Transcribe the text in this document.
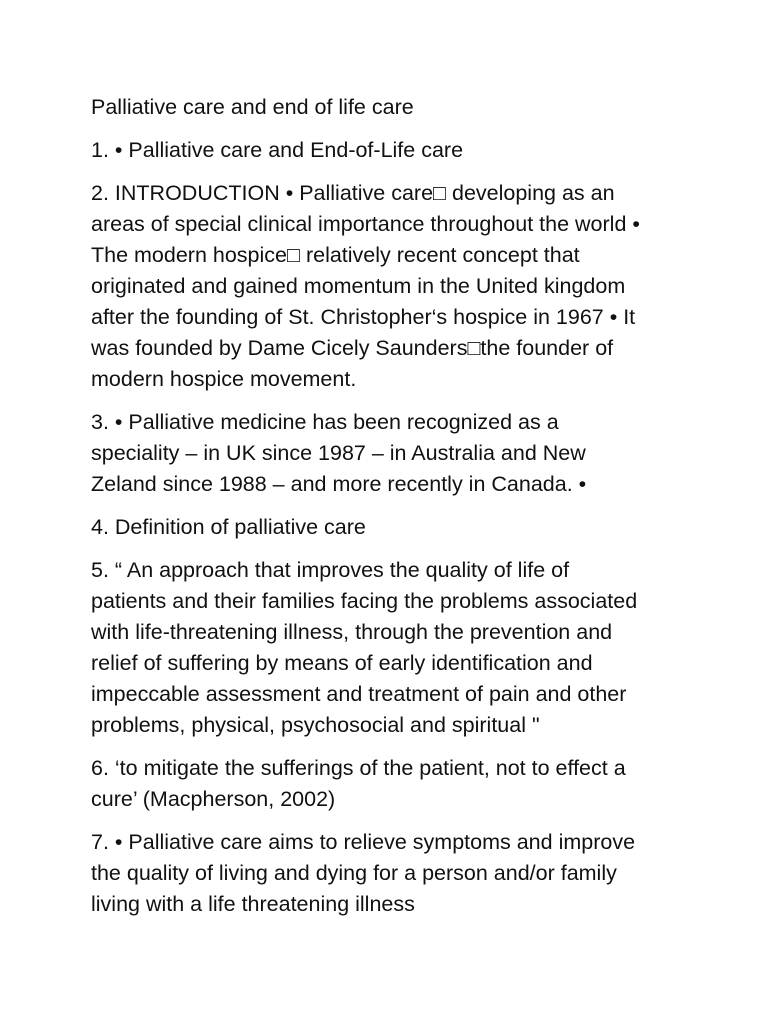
Palliative care and end of life care

1. • Palliative care and End-of-Life care

2. INTRODUCTION • Palliative care□ developing as an
areas of special clinical importance throughout the world •
The modern hospice□ relatively recent concept that
originated and gained momentum in the United kingdom
after the founding of St. Christopher‘s hospice in 1967 • It
was founded by Dame Cicely Saunders□the founder of
modern hospice movement.

3. • Palliative medicine has been recognized as a
speciality – in UK since 1987 – in Australia and New
Zeland since 1988 – and more recently in Canada. •

4. Definition of palliative care

5. “ An approach that improves the quality of life of
patients and their families facing the problems associated
with life-threatening illness, through the prevention and
relief of suffering by means of early identification and
impeccable assessment and treatment of pain and other
problems, physical, psychosocial and spiritual "

6. ‘to mitigate the sufferings of the patient, not to effect a
cure’ (Macpherson, 2002)

7. • Palliative care aims to relieve symptoms and improve
the quality of living and dying for a person and/or family
living with a life threatening illness
